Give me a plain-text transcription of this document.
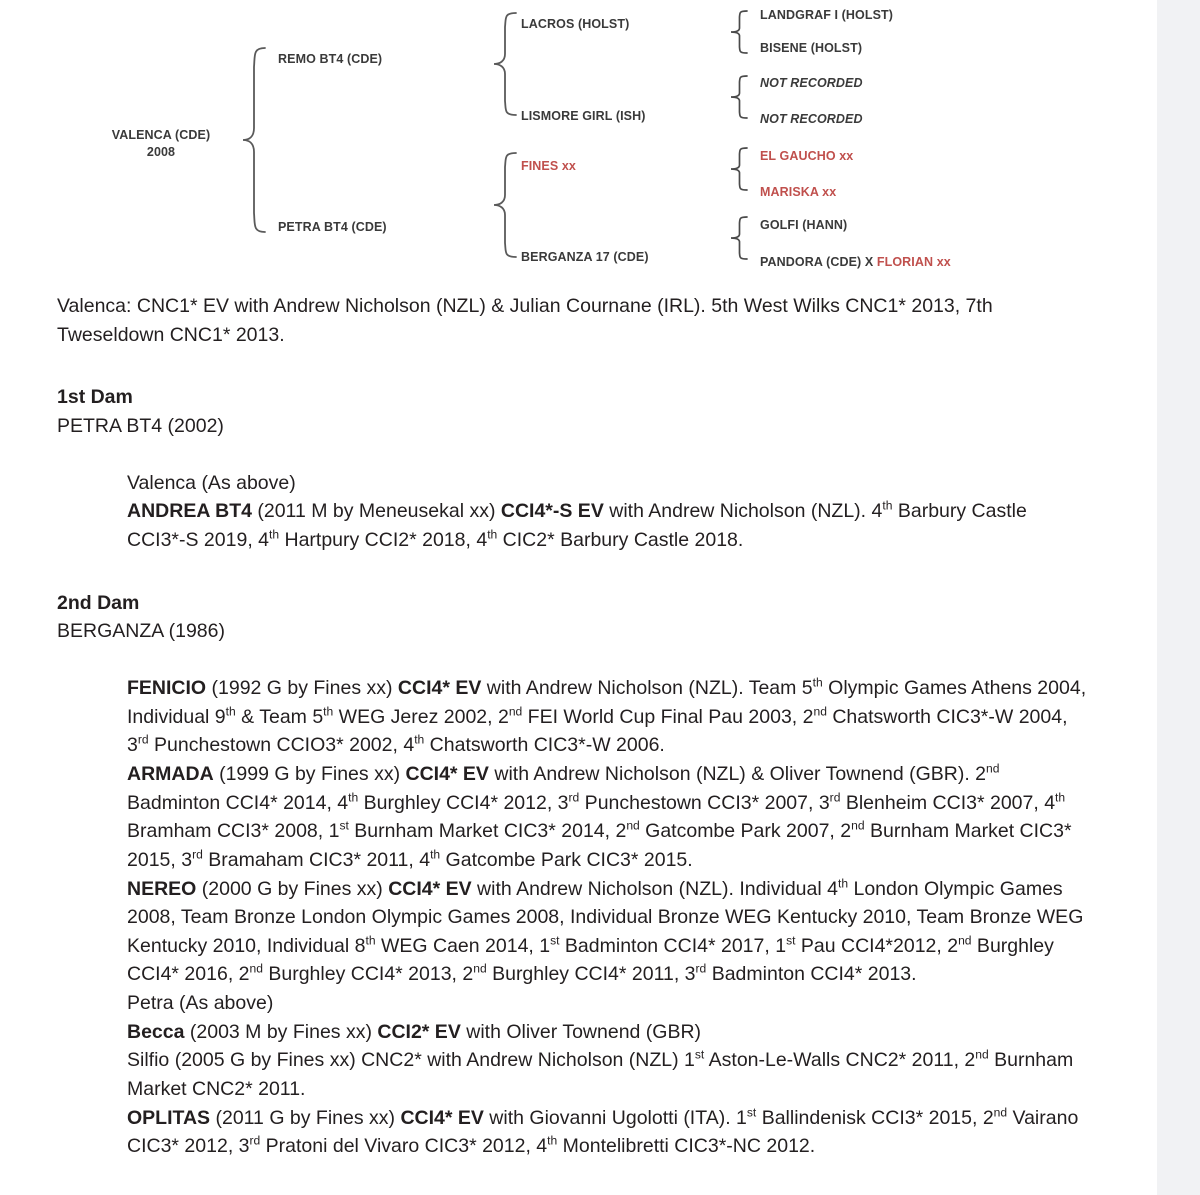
VALENCA (CDE)
2008
REMO BT4 (CDE)
PETRA BT4 (CDE)
LACROS (HOLST)
LISMORE GIRL (ISH)
FINES xx
BERGANZA 17 (CDE)
LANDGRAF I (HOLST)
BISENE (HOLST)
NOT RECORDED
NOT RECORDED
EL GAUCHO xx
MARISKA xx
GOLFI (HANN)
PANDORA (CDE) X FLORIAN xx

Valenca: CNC1* EV with Andrew Nicholson (NZL) & Julian Cournane (IRL). 5th West Wilks CNC1* 2013, 7th Tweseldown CNC1* 2013.

1st Dam

PETRA BT4 (2002)

Valenca (As above)

ANDREA BT4 (2011 M by Meneusekal xx) CCI4*-S EV with Andrew Nicholson (NZL). 4th Barbury Castle CCI3*-S 2019, 4th Hartpury CCI2* 2018, 4th CIC2* Barbury Castle 2018.

2nd Dam

BERGANZA (1986)

FENICIO (1992 G by Fines xx) CCI4* EV with Andrew Nicholson (NZL). Team 5th Olympic Games Athens 2004, Individual 9th & Team 5th WEG Jerez 2002, 2nd FEI World Cup Final Pau 2003, 2nd Chatsworth CIC3*-W 2004, 3rd Punchestown CCIO3* 2002, 4th Chatsworth CIC3*-W 2006.

ARMADA (1999 G by Fines xx) CCI4* EV with Andrew Nicholson (NZL) & Oliver Townend (GBR). 2nd Badminton CCI4* 2014, 4th Burghley CCI4* 2012, 3rd Punchestown CCI3* 2007, 3rd Blenheim CCI3* 2007, 4th Bramham CCI3* 2008, 1st Burnham Market CIC3* 2014, 2nd Gatcombe Park 2007, 2nd Burnham Market CIC3* 2015, 3rd Bramaham CIC3* 2011, 4th Gatcombe Park CIC3* 2015.

NEREO (2000 G by Fines xx) CCI4* EV with Andrew Nicholson (NZL). Individual 4th London Olympic Games 2008, Team Bronze London Olympic Games 2008, Individual Bronze WEG Kentucky 2010, Team Bronze WEG Kentucky 2010, Individual 8th WEG Caen 2014, 1st Badminton CCI4* 2017, 1st Pau CCI4*2012, 2nd Burghley CCI4* 2016, 2nd Burghley CCI4* 2013, 2nd Burghley CCI4* 2011, 3rd Badminton CCI4* 2013.

Petra (As above)

Becca (2003 M by Fines xx) CCI2* EV with Oliver Townend (GBR)

Silfio (2005 G by Fines xx) CNC2* with Andrew Nicholson (NZL) 1st Aston-Le-Walls CNC2* 2011, 2nd Burnham Market CNC2* 2011.

OPLITAS (2011 G by Fines xx) CCI4* EV with Giovanni Ugolotti (ITA). 1st Ballindenisk CCI3* 2015, 2nd Vairano CIC3* 2012, 3rd Pratoni del Vivaro CIC3* 2012, 4th Montelibretti CIC3*-NC 2012.
